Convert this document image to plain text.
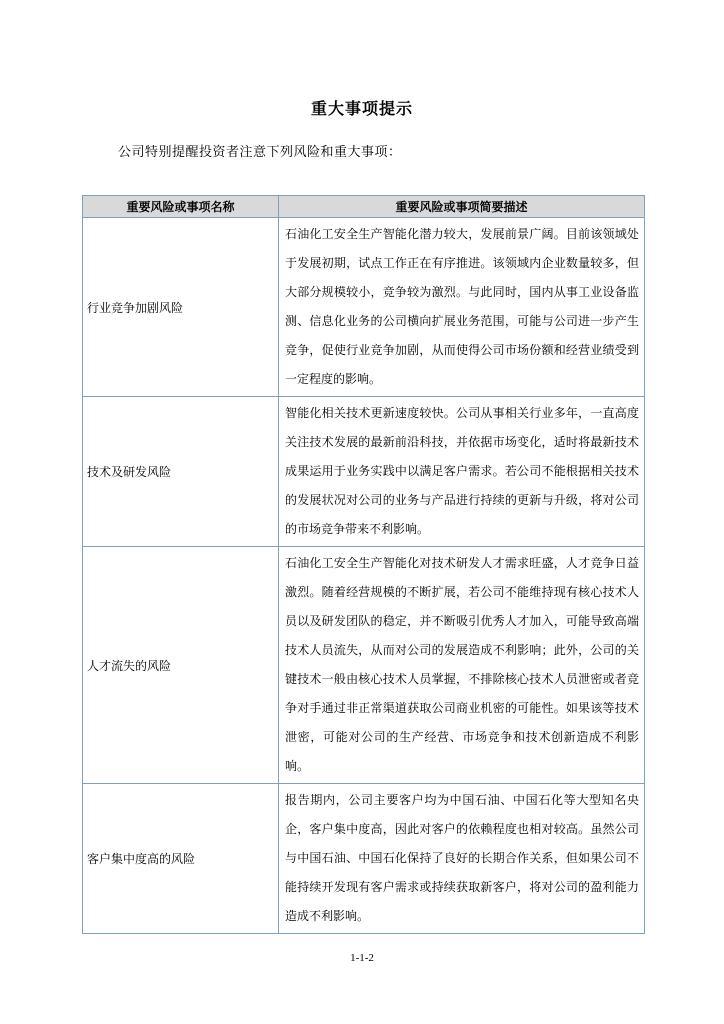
重大事项提示
公司特别提醒投资者注意下列风险和重大事项：
重要风险或事项名称	重要风险或事项简要描述
行业竞争加剧风险	石油化工安全生产智能化潜力较大，发展前景广阔。目前该领域处于发展初期，试点工作正在有序推进。该领域内企业数量较多，但大部分规模较小，竞争较为激烈。与此同时，国内从事工业设备监测、信息化业务的公司横向扩展业务范围，可能与公司进一步产生竞争，促使行业竞争加剧，从而使得公司市场份额和经营业绩受到一定程度的影响。
技术及研发风险	智能化相关技术更新速度较快。公司从事相关行业多年，一直高度关注技术发展的最新前沿科技，并依据市场变化，适时将最新技术成果运用于业务实践中以满足客户需求。若公司不能根据相关技术的发展状况对公司的业务与产品进行持续的更新与升级，将对公司的市场竞争带来不利影响。
人才流失的风险	石油化工安全生产智能化对技术研发人才需求旺盛，人才竞争日益激烈。随着经营规模的不断扩展，若公司不能维持现有核心技术人员以及研发团队的稳定，并不断吸引优秀人才加入，可能导致高端技术人员流失，从而对公司的发展造成不利影响；此外，公司的关键技术一般由核心技术人员掌握，不排除核心技术人员泄密或者竞争对手通过非正常渠道获取公司商业机密的可能性。如果该等技术泄密，可能对公司的生产经营、市场竞争和技术创新造成不利影响。
客户集中度高的风险	报告期内，公司主要客户均为中国石油、中国石化等大型知名央企，客户集中度高，因此对客户的依赖程度也相对较高。虽然公司与中国石油、中国石化保持了良好的长期合作关系，但如果公司不能持续开发现有客户需求或持续获取新客户，将对公司的盈利能力造成不利影响。
1-1-2
